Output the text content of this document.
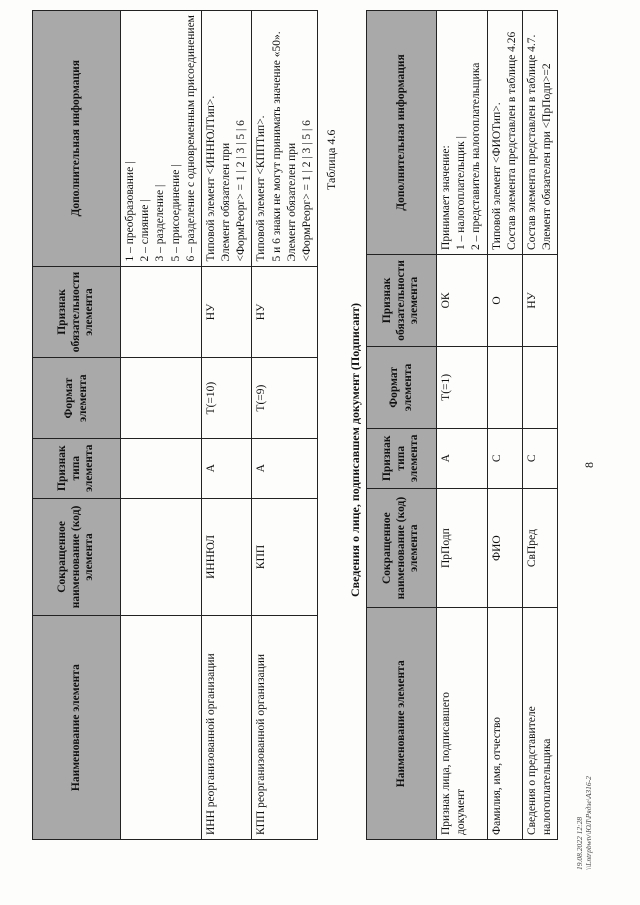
8
Наименование элемента	Сокращенное наименование (код) элемента	Признак типа элемента	Формат элемента	Признак обязательности элемента	Дополнительная информация

					1 – преобразование | 2 – слияние | 3 – разделение | 5 – присоединение | 6 – разделение с одновременным присоединением

ИНН реорганизованной организации	ИННЮЛ	A	T(=10)	НУ	Типовой элемент <ИННЮЛТип>. Элемент обязателен при <ФормРеорг> = 1 | 2 | 3 | 5 | 6

КПП реорганизованной организации	КПП	A	T(=9)	НУ	Типовой элемент <КППТип>. 5 и 6 знаки не могут принимать значение «50». Элемент обязателен при <ФормРеорг> = 1 | 2 | 3 | 5 | 6 Таблица 4.6
Сведения о лице, подписавшем документ (Подписант)
Наименование элемента	Сокращенное наименование (код) элемента	Признак типа элемента	Формат элемента	Признак обязательности элемента	Дополнительная информация

Признак лица, подписавшего документ	ПрПодп	A	T(=1)	ОК	Принимает значение: 1 – налогоплательщик | 2 – представитель налогоплательщика

Фамилия, имя, отчество	ФИО	С		О	Типовой элемент <ФИОТип>. Состав элемента представлен в таблице 4.26

Сведения о представителе налогоплательщика	СвПред	С		НУ	Состав элемента представлен в таблице 4.7. Элемент обязателен при <ПрПодп>=2
19.08.2022 12:28 \\Lntrpbwtv\ЮЛ\Рядзе\А316-2
